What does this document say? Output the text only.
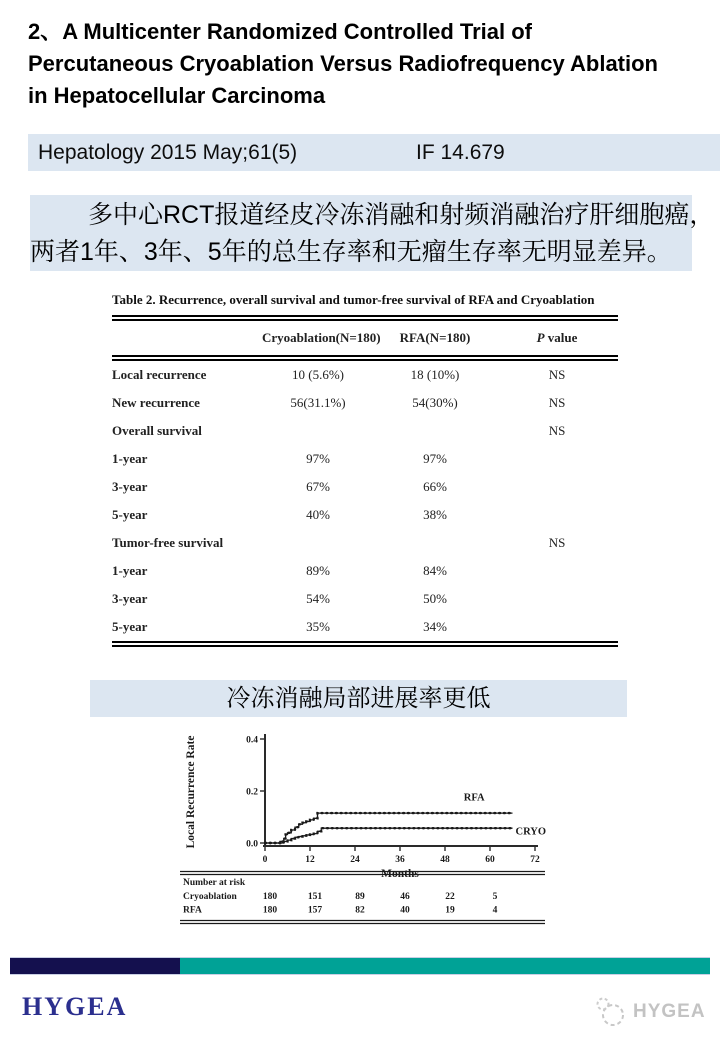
2、A Multicenter Randomized Controlled Trial of
Percutaneous Cryoablation Versus Radiofrequency Ablation
in Hepatocellular Carcinoma
Hepatology 2015 May;61(5)	IF 14.679
多中心RCT报道经皮冷冻消融和射频消融治疗肝细胞癌，
两者1年、3年、5年的总生存率和无瘤生存率无明显差异。

Table 2. Recurrence, overall survival and tumor-free survival of RFA and Cryoablation

	Cryoablation(N=180)	RFA(N=180)	P value
Local recurrence	10 (5.6%)	18 (10%)	NS
New recurrence	56(31.1%)	54(30%)	NS
Overall survival			NS
1-year	97%	97%	
3-year	67%	66%	
5-year	40%	38%	
Tumor-free survival			NS
1-year	89%	84%	
3-year	54%	50%	
5-year	35%	34%	
冷冻消融局部进展率更低
Local Recurrence Rate	0.0
0.2
0.4
0	12	24	36	48	60	72
Months
RFA
CRYO
Number at risk
Cryoablation	180	151	89	46	22	5
RFA	180	157	82	40	19	4
HYGEA	HYGEA
